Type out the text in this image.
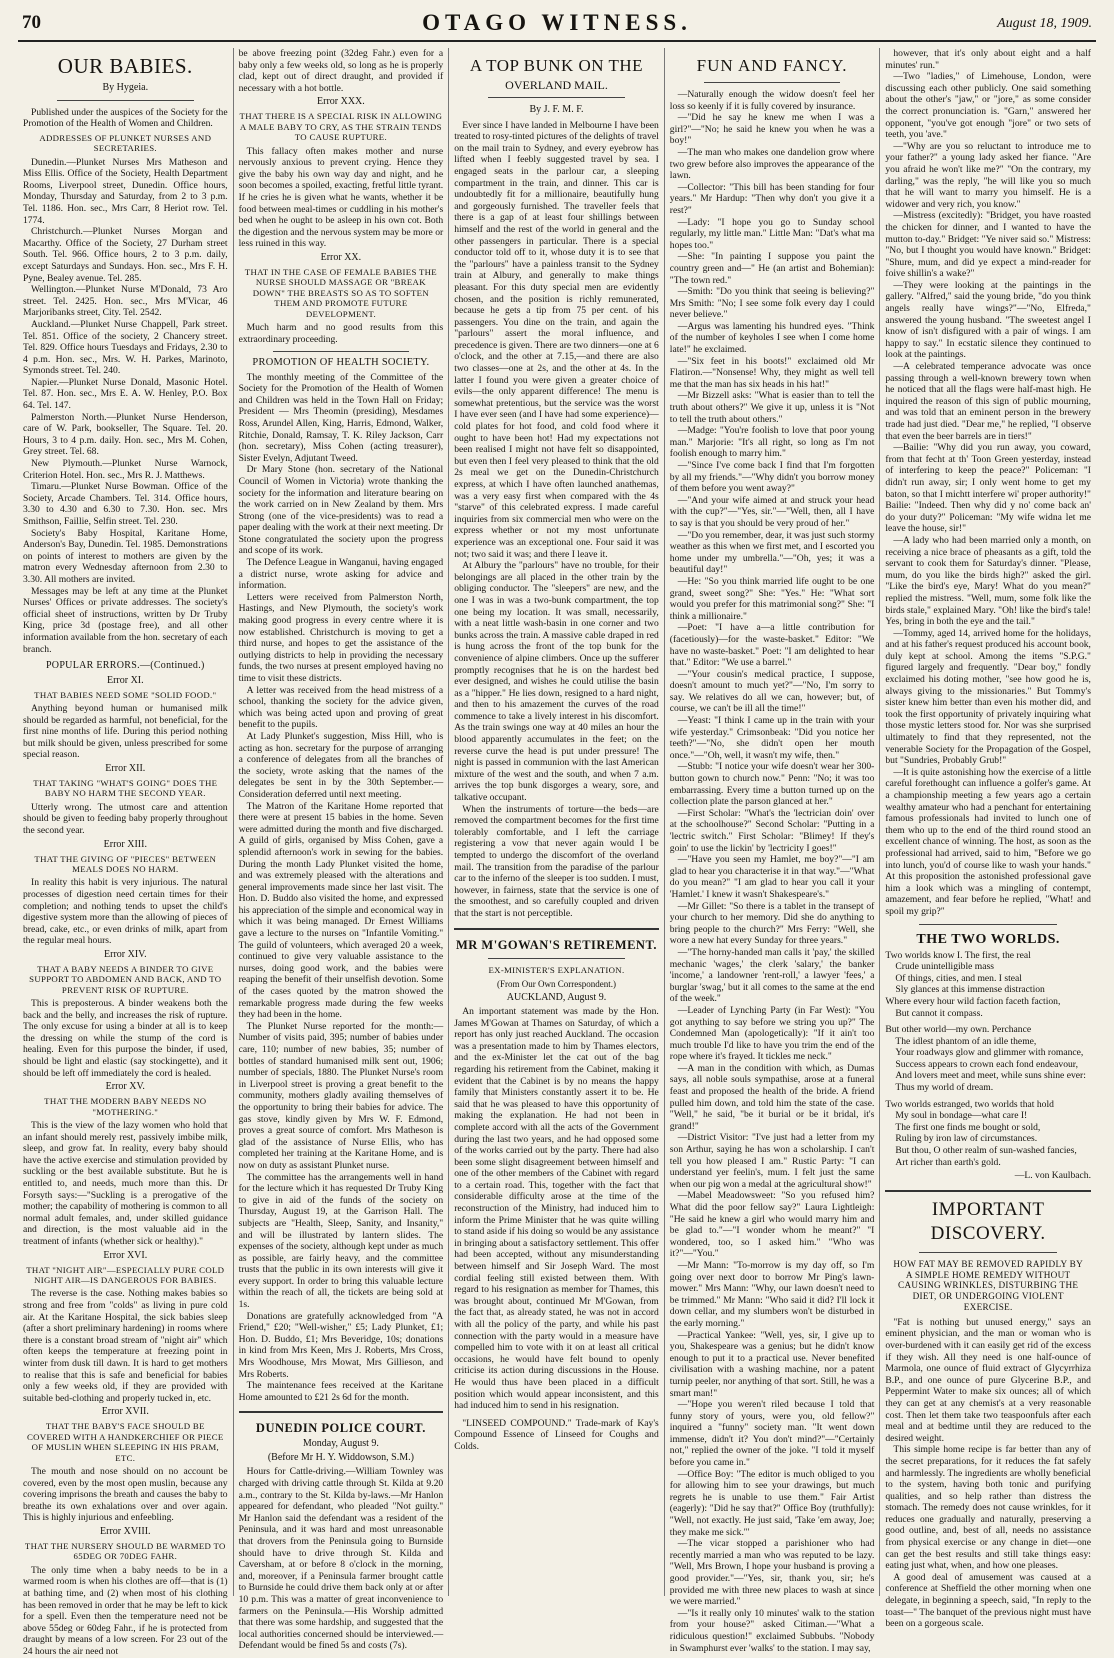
70	OTAGO WITNESS.	August 18, 1909.
OUR BABIES.
By Hygeia.

Published under the auspices of the Society for the Promotion of the Health of Women and Children.

ADDRESSES OF PLUNKET NURSES AND SECRETARIES.

Dunedin.—Plunket Nurses Mrs Matheson and Miss Ellis. Office of the Society, Health Department Rooms, Liverpool street, Dunedin. Office hours, Monday, Thursday and Saturday, from 2 to 3 p.m. Tel. 1186. Hon. sec., Mrs Carr, 8 Heriot row. Tel. 1774.

Christchurch.—Plunket Nurses Morgan and Macarthy. Office of the Society, 27 Durham street South. Tel. 966. Office hours, 2 to 3 p.m. daily, except Saturdays and Sundays. Hon. sec., Mrs F. H. Pyne, Bealey avenue. Tel. 285.

Wellington.—Plunket Nurse M'Donald, 73 Aro street. Tel. 2425. Hon. sec., Mrs M'Vicar, 46 Marjoribanks street, City. Tel. 2542.

Auckland.—Plunket Nurse Chappell, Park street. Tel. 851. Office of the society, 2 Chancery street. Tel. 829. Office hours Tuesdays and Fridays, 2.30 to 4 p.m. Hon. sec., Mrs. W. H. Parkes, Marinoto, Symonds street. Tel. 240.

Napier.—Plunket Nurse Donald, Masonic Hotel. Tel. 87. Hon. sec., Mrs E. A. W. Henley, P.O. Box 64. Tel. 147.

Palmerston North.—Plunket Nurse Henderson, care of W. Park, bookseller, The Square. Tel. 20. Hours, 3 to 4 p.m. daily. Hon. sec., Mrs M. Cohen, Grey street. Tel. 68.

New Plymouth.—Plunket Nurse Warnock, Criterion Hotel. Hon. sec., Mrs R. J. Matthews.

Timaru.—Plunket Nurse Bowman. Office of the Society, Arcade Chambers. Tel. 314. Office hours, 3.30 to 4.30 and 6.30 to 7.30. Hon. sec. Mrs Smithson, Faillie, Selfin street. Tel. 230.

Society's Baby Hospital, Karitane Home, Anderson's Bay, Dunedin. Tel. 1985. Demonstrations on points of interest to mothers are given by the matron every Wednesday afternoon from 2.30 to 3.30. All mothers are invited.

Messages may be left at any time at the Plunket Nurses' Offices or private addresses. The society's official sheet of instructions, written by Dr Truby King, price 3d (postage free), and all other information available from the hon. secretary of each branch.

POPULAR ERRORS.—(Continued.)
Error XI.
THAT BABIES NEED SOME "SOLID FOOD."

Anything beyond human or humanised milk should be regarded as harmful, not beneficial, for the first nine months of life. During this period nothing but milk should be given, unless prescribed for some special reason.

Error XII.
THAT TAKING "WHAT'S GOING" DOES THE BABY NO HARM THE SECOND YEAR.

Utterly wrong. The utmost care and attention should be given to feeding baby properly throughout the second year.

Error XIII.
THAT THE GIVING OF "PIECES" BETWEEN MEALS DOES NO HARM.

In reality this habit is very injurious. The natural processes of digestion need certain times for their completion; and nothing tends to upset the child's digestive system more than the allowing of pieces of bread, cake, etc., or even drinks of milk, apart from the regular meal hours.

Error XIV.
THAT A BABY NEEDS A BINDER TO GIVE SUPPORT TO ABDOMEN AND BACK, AND TO PREVENT RISK OF RUPTURE.

This is preposterous. A binder weakens both the back and the belly, and increases the risk of rupture. The only excuse for using a binder at all is to keep the dressing on while the stump of the cord is healing. Even for this purpose the binder, if used, should be light and elastic (say stockingette), and it should be left off immediately the cord is healed.

Error XV.
THAT THE MODERN BABY NEEDS NO "MOTHERING."

This is the view of the lazy women who hold that an infant should merely rest, passively imbibe milk, sleep, and grow fat. In reality, every baby should have the active exercise and stimulation provided by suckling or the best available substitute. But he is entitled to, and needs, much more than this. Dr Forsyth says:—"Suckling is a prerogative of the mother; the capability of mothering is common to all normal adult females, and, under skilled guidance and direction, is the most valuable aid in the treatment of infants (whether sick or healthy)."

Error XVI.
THAT "NIGHT AIR"—ESPECIALLY PURE COLD NIGHT AIR—IS DANGEROUS FOR BABIES.

The reverse is the case. Nothing makes babies so strong and free from "colds" as living in pure cold air. At the Karitane Hospital, the sick babies sleep (after a short preliminary hardening) in rooms where there is a constant broad stream of "night air" which often keeps the temperature at freezing point in winter from dusk till dawn. It is hard to get mothers to realise that this is safe and beneficial for babies only a few weeks old, if they are provided with suitable bed-clothing and properly tucked in, etc.

Error XVII.
THAT THE BABY'S FACE SHOULD BE COVERED WITH A HANDKERCHIEF OR PIECE OF MUSLIN WHEN SLEEPING IN HIS PRAM, ETC.

The mouth and nose should on no account be covered, even by the most open muslin, because any covering imprisons the breath and causes the baby to breathe its own exhalations over and over again. This is highly injurious and enfeebling.

Error XVIII.
THAT THE NURSERY SHOULD BE WARMED TO 65DEG OR 70DEG FAHR.

The only time when a baby needs to be in a warmed room is when his clothes are off—that is (1) at bathing time, and (2) when most of his clothing has been removed in order that he may be left to kick for a spell. Even then the temperature need not be above 55deg or 60deg Fahr., if he is protected from draught by means of a low screen. For 23 out of the 24 hours the air need not

be above freezing point (32deg Fahr.) even for a baby only a few weeks old, so long as he is properly clad, kept out of direct draught, and provided if necessary with a hot bottle.

Error XXX.
THAT THERE IS A SPECIAL RISK IN ALLOWING A MALE BABY TO CRY, AS THE STRAIN TENDS TO CAUSE RUPTURE.

This fallacy often makes mother and nurse nervously anxious to prevent crying. Hence they give the baby his own way day and night, and he soon becomes a spoiled, exacting, fretful little tyrant. If he cries he is given what he wants, whether it be food between meal-times or cuddling in his mother's bed when he ought to be asleep in his own cot. Both the digestion and the nervous system may be more or less ruined in this way.

Error XX.
THAT IN THE CASE OF FEMALE BABIES THE NURSE SHOULD MASSAGE OR "BREAK DOWN" THE BREASTS SO AS TO SOFTEN THEM AND PROMOTE FUTURE DEVELOPMENT.

Much harm and no good results from this extraordinary proceeding.

PROMOTION OF HEALTH SOCIETY.

The monthly meeting of the Committee of the Society for the Promotion of the Health of Women and Children was held in the Town Hall on Friday; President — Mrs Theomin (presiding), Mesdames Ross, Arundel Allen, King, Harris, Edmond, Walker, Ritchie, Donald, Ramsay, T. K. Riley Jackson, Carr (hon. secretary), Miss Cohen (acting treasurer), Sister Evelyn, Adjutant Tweed.

Dr Mary Stone (hon. secretary of the National Council of Women in Victoria) wrote thanking the society for the information and literature bearing on the work carried on in New Zealand by them. Mrs Strong (one of the vice-presidents) was to read a paper dealing with the work at their next meeting. Dr Stone congratulated the society upon the progress and scope of its work.

The Defence League in Wanganui, having engaged a district nurse, wrote asking for advice and information.

Letters were received from Palmerston North, Hastings, and New Plymouth, the society's work making good progress in every centre where it is now established. Christchurch is moving to get a third nurse, and hopes to get the assistance of the outlying districts to help in providing the necessary funds, the two nurses at present employed having no time to visit these districts.

A letter was received from the head mistress of a school, thanking the society for the advice given, which was being acted upon and proving of great benefit to the pupils.

At Lady Plunket's suggestion, Miss Hill, who is acting as hon. secretary for the purpose of arranging a conference of delegates from all the branches of the society, wrote asking that the names of the delegates be sent in by the 30th September.—Consideration deferred until next meeting.

The Matron of the Karitane Home reported that there were at present 15 babies in the home. Seven were admitted during the month and five discharged. A guild of girls, organised by Miss Cohen, gave a splendid afternoon's work in sewing for the babies. During the month Lady Plunket visited the home, and was extremely pleased with the alterations and general improvements made since her last visit. The Hon. D. Buddo also visited the home, and expressed his appreciation of the simple and economical way in which it was being managed. Dr Ernest Williams gave a lecture to the nurses on "Infantile Vomiting." The guild of volunteers, which averaged 20 a week, continued to give very valuable assistance to the nurses, doing good work, and the babies were reaping the benefit of their unselfish devotion. Some of the cases quoted by the matron showed the remarkable progress made during the few weeks they had been in the home.

The Plunket Nurse reported for the month:—Number of visits paid, 395; number of babies under care, 110; number of new babies, 35; number of bottles of standard humanised milk sent out, 1906; number of specials, 1880. The Plunket Nurse's room in Liverpool street is proving a great benefit to the community, mothers gladly availing themselves of the opportunity to bring their babies for advice. The gas stove, kindly given by Mrs W. F. Edmond, proves a great source of comfort. Mrs Matheson is glad of the assistance of Nurse Ellis, who has completed her training at the Karitane Home, and is now on duty as assistant Plunket nurse.

The committee has the arrangements well in hand for the lecture which it has requested Dr Truby King to give in aid of the funds of the society on Thursday, August 19, at the Garrison Hall. The subjects are "Health, Sleep, Sanity, and Insanity," and will be illustrated by lantern slides. The expenses of the society, although kept under as much as possible, are fairly heavy, and the committee trusts that the public in its own interests will give it every support. In order to bring this valuable lecture within the reach of all, the tickets are being sold at 1s.

Donations are gratefully acknowledged from "A Friend," £20; "Well-wisher," £5; Lady Plunket, £1; Hon. D. Buddo, £1; Mrs Beveridge, 10s; donations in kind from Mrs Keen, Mrs J. Roberts, Mrs Cross, Mrs Woodhouse, Mrs Mowat, Mrs Gillieson, and Mrs Roberts.

The maintenance fees received at the Karitane Home amounted to £21 2s 6d for the month.

DUNEDIN POLICE COURT.
Monday, August 9.
(Before Mr H. Y. Widdowson, S.M.)

Hours for Cattle-driving.—William Townley was charged with driving cattle through St. Kilda at 9.20 a.m., contrary to the St. Kilda by-laws.—Mr Hanlon appeared for defendant, who pleaded "Not guilty." Mr Hanlon said the defendant was a resident of the Peninsula, and it was hard and most unreasonable that drovers from the Peninsula going to Burnside should have to drive through St. Kilda and Caversham, at or before 8 o'clock in the morning, and, moreover, if a Peninsula farmer brought cattle to Burnside he could drive them back only at or after 10 p.m. This was a matter of great inconvenience to farmers on the Peninsula.—His Worship admitted that there was some hardship, and suggested that the local authorities concerned should be interviewed.—Defendant would be fined 5s and costs (7s).

A TOP BUNK ON THE
OVERLAND MAIL.
By J. F. M. F.

Ever since I have landed in Melbourne I have been treated to rosy-tinted pictures of the delights of travel on the mail train to Sydney, and every eyebrow has lifted when I feebly suggested travel by sea. I engaged seats in the parlour car, a sleeping compartment in the train, and dinner. This car is undoubtedly fit for a millionaire, beautifully hung and gorgeously furnished. The traveller feels that there is a gap of at least four shillings between himself and the rest of the world in general and the other passengers in particular. There is a special conductor told off to it, whose duty it is to see that the "parlours" have a painless transit to the Sydney train at Albury, and generally to make things pleasant. For this duty special men are evidently chosen, and the position is richly remunerated, because he gets a tip from 75 per cent. of his passengers. You dine on the train, and again the "parlours" assert the moral influence, and precedence is given. There are two dinners—one at 6 o'clock, and the other at 7.15,—and there are also two classes—one at 2s, and the other at 4s. In the latter I found you were given a greater choice of evils—the only apparent difference! The menu is somewhat pretentious, but the service was the worst I have ever seen (and I have had some experience)—cold plates for hot food, and cold food where it ought to have been hot! Had my expectations not been realised I might not have felt so disappointed, but even then I feel very pleased to think that the old 2s meal we get on the Dunedin-Christchurch express, at which I have often launched anathemas, was a very easy first when compared with the 4s "starve" of this celebrated express. I made careful inquiries from six commercial men who were on the express whether or not my most unfortunate experience was an exceptional one. Four said it was not; two said it was; and there I leave it.

At Albury the "parlours" have no trouble, for their belongings are all placed in the other train by the obliging conductor. The "sleepers" are new, and the one I was in was a two-bunk compartment, the top one being my location. It was small, necessarily, with a neat little wash-basin in one corner and two bunks across the train. A massive cable draped in red is hung across the front of the top bunk for the convenience of alpine climbers. Once up the sufferer promptly recognises that he is on the hardest bed ever designed, and wishes he could utilise the basin as a "hipper." He lies down, resigned to a hard night, and then to his amazement the curves of the road commence to take a lively interest in his discomfort. As the train swings one way at 40 miles an hour the blood apparently accumulates in the feet; on the reverse curve the head is put under pressure! The night is passed in communion with the last American mixture of the west and the south, and when 7 a.m. arrives the top bunk disgorges a weary, sore, and talkative occupant.

When the instruments of torture—the beds—are removed the compartment becomes for the first time tolerably comfortable, and I left the carriage registering a vow that never again would I be tempted to undergo the discomfort of the overland mail. The transition from the paradise of the parlour car to the inferno of the sleeper is too sudden. I must, however, in fairness, state that the service is one of the smoothest, and so carefully coupled and driven that the start is not perceptible.

MR M'GOWAN'S RETIREMENT.
EX-MINISTER'S EXPLANATION.
(From Our Own Correspondent.)
AUCKLAND, August 9.

An important statement was made by the Hon. James M'Gowan at Thames on Saturday, of which a report has only just reached Auckland. The occasion was a presentation made to him by Thames electors, and the ex-Minister let the cat out of the bag regarding his retirement from the Cabinet, making it evident that the Cabinet is by no means the happy family that Ministers constantly assert it to be. He said that he was pleased to have this opportunity of making the explanation. He had not been in complete accord with all the acts of the Government during the last two years, and he had opposed some of the works carried out by the party. There had also been some slight disagreement between himself and one of the other members of the Cabinet with regard to a certain road. This, together with the fact that considerable difficulty arose at the time of the reconstruction of the Ministry, had induced him to inform the Prime Minister that he was quite willing to stand aside if his doing so would be any assistance in bringing about a satisfactory settlement. This offer had been accepted, without any misunderstanding between himself and Sir Joseph Ward. The most cordial feeling still existed between them. With regard to his resignation as member for Thames, this was brought about, continued Mr M'Gowan, from the fact that, as already stated, he was not in accord with all the policy of the party, and while his past connection with the party would in a measure have compelled him to vote with it on at least all critical occasions, he would have felt bound to openly criticise its action during discussions in the House. He would thus have been placed in a difficult position which would appear inconsistent, and this had induced him to send in his resignation.

"LINSEED COMPOUND." Trade-mark of Kay's Compound Essence of Linseed for Coughs and Colds.

FUN AND FANCY.

—Naturally enough the widow doesn't feel her loss so keenly if it is fully covered by insurance.

—"Did he say he knew me when I was a girl?"—"No; he said he knew you when he was a boy!"

—The man who makes one dandelion grow where two grew before also improves the appearance of the lawn.

—Collector: "This bill has been standing for four years." Mr Hardup: "Then why don't you give it a rest?"

—Lady: "I hope you go to Sunday school regularly, my little man." Little Man: "Dat's what ma hopes too."

—She: "In painting I suppose you paint the country green and—" He (an artist and Bohemian): "The town red."

—Smith: "Do you think that seeing is believing?" Mrs Smith: "No; I see some folk every day I could never believe."

—Argus was lamenting his hundred eyes. "Think of the number of keyholes I see when I come home late!" he exclaimed.

—"Six feet in his boots!" exclaimed old Mr Flatiron.—"Nonsense! Why, they might as well tell me that the man has six heads in his hat!"

—Mr Bizzell asks: "What is easier than to tell the truth about others?" We give it up, unless it is "Not to tell the truth about others."

—Madge: "You're foolish to love that poor young man." Marjorie: "It's all right, so long as I'm not foolish enough to marry him."

—"Since I've come back I find that I'm forgotten by all my friends."—"Why didn't you borrow money of them before you went away?"

—"And your wife aimed at and struck your head with the cup?"—"Yes, sir."—"Well, then, all I have to say is that you should be very proud of her."

—"Do you remember, dear, it was just such stormy weather as this when we first met, and I escorted you home under my umbrella."—"Oh, yes; it was a beautiful day!"

—He: "So you think married life ought to be one grand, sweet song?" She: "Yes." He: "What sort would you prefer for this matrimonial song?" She: "I think a millionaire."

—Poet: "I have a—a little contribution for (facetiously)—for the waste-basket." Editor: "We have no waste-basket." Poet: "I am delighted to hear that." Editor: "We use a barrel."

—"Your cousin's medical practice, I suppose, doesn't amount to much yet?"—"No, I'm sorry to say. We relatives do all we can, however; but, of course, we can't be ill all the time!"

—Yeast: "I think I came up in the train with your wife yesterday." Crimsonbeak: "Did you notice her teeth?"—"No, she didn't open her mouth once."—"Oh, well, it wasn't my wife, then."

—Stubb: "I notice your wife doesn't wear her 300-button gown to church now." Penn: "No; it was too embarrassing. Every time a button turned up on the collection plate the parson glanced at her."

—First Scholar: "What's the 'lectrician doin' over at the schoolhouse?" Second Scholar: "Putting in a 'lectric switch." First Scholar: "Blimey! If they's goin' to use the lickin' by 'lectricity I goes!"

—"Have you seen my Hamlet, me boy?"—"I am glad to hear you characterise it in that way."—"What do you mean?" "I am glad to hear you call it your 'Hamlet.' I knew it wasn't Shakespeare's."

—Mr Gillet: "So there is a tablet in the transept of your church to her memory. Did she do anything to bring people to the church?" Mrs Ferry: "Well, she wore a new hat every Sunday for three years."

—"The horny-handed man calls it 'pay,' the skilled mechanic 'wages,' the clerk 'salary,' the banker 'income,' a landowner 'rent-roll,' a lawyer 'fees,' a burglar 'swag,' but it all comes to the same at the end of the week."

—Leader of Lynching Party (in Far West): "You got anything to say before we string you up?" The Condemned Man (apologetically): "If it ain't too much trouble I'd like to have you trim the end of the rope where it's frayed. It tickles me neck."

—A man in the condition with which, as Dumas says, all noble souls sympathise, arose at a funeral feast and proposed the health of the bride. A friend pulled him down, and told him the state of the case. "Well," he said, "be it burial or be it bridal, it's grand!"

—District Visitor: "I've just had a letter from my son Arthur, saying he has won a scholarship. I can't tell you how pleased I am." Rustic Party: "I can understand yer feelin's, mum. I felt just the same when our pig won a medal at the agricultural show!"

—Mabel Meadowsweet: "So you refused him? What did the poor fellow say?" Laura Lightleigh: "He said he knew a girl who would marry him and be glad to."—"I wonder whom he meant?" "I wondered, too, so I asked him." "Who was it?"—"You."

—Mr Mann: "To-morrow is my day off, so I'm going over next door to borrow Mr Ping's lawn-mower." Mrs Mann: "Why, our lawn doesn't need to be trimmed." Mr Mann: "Who said it did? I'll lock it down cellar, and my slumbers won't be disturbed in the early morning."

—Practical Yankee: "Well, yes, sir, I give up to you, Shakespeare was a genius; but he didn't know enough to put it to a practical use. Never benefited civilisation with a washing machine, nor a patent turnip peeler, nor anything of that sort. Still, he was a smart man!"

—"Hope you weren't riled because I told that funny story of yours, were you, old fellow?" inquired a "funny" society man. "It went down immense, didn't it? You don't mind?"—"Certainly not," replied the owner of the joke. "I told it myself before you came in."

—Office Boy: "The editor is much obliged to you for allowing him to see your drawings, but much regrets he is unable to use them." Fair Artist (eagerly): "Did he say that?" Office Boy (truthfully): "Well, not exactly. He just said, 'Take 'em away, Joe; they make me sick.'"

—The vicar stopped a parishioner who had recently married a man who was reputed to be lazy. "Well, Mrs Brown, I hope your husband is proving a good provider."—"Yes, sir, thank you, sir; he's provided me with three new places to wash at since we were married."

—"Is it really only 10 minutes' walk to the station from your house?" asked Citiman.—"What a ridiculous question!" exclaimed Subbubs. "Nobody in Swamphurst ever 'walks' to the station. I may say,

however, that it's only about eight and a half minutes' run."

—Two "ladies," of Limehouse, London, were discussing each other publicly. One said something about the other's "jaw," or "jore," as some consider the correct pronunciation is. "Garn," answered her opponent, "you've got enough "jore" or two sets of teeth, you 'ave."

—"Why are you so reluctant to introduce me to your father?" a young lady asked her fiance. "Are you afraid he won't like me?" "On the contrary, my darling," was the reply, "he will like you so much that he will want to marry you himself. He is a widower and very rich, you know."

—Mistress (excitedly): "Bridget, you have roasted the chicken for dinner, and I wanted to have the mutton to-day." Bridget: "Ye niver said so." Mistress: "No, but I thought you would have known." Bridget: "Shure, mum, and did ye expect a mind-reader for foive shillin's a wake?"

—They were looking at the paintings in the gallery. "Alfred," said the young bride, "do you think angels really have wings?"—"No, Elfreda," answered the young husband. "The sweetest angel I know of isn't disfigured with a pair of wings. I am happy to say." In ecstatic silence they continued to look at the paintings.

—A celebrated temperance advocate was once passing through a well-known brewery town when he noticed that all the flags were half-mast high. He inquired the reason of this sign of public mourning, and was told that an eminent person in the brewery trade had just died. "Dear me," he replied, "I observe that even the beer barrels are in tiers!"

—Bailie: "Why did you run away, you coward, from that fecht at th' Toon Green yesterday, instead of interfering to keep the peace?" Policeman: "I didn't run away, sir; I only went home to get my baton, so that I michtt interfere wi' proper authority!" Bailie: "Indeed. Then why did y no' come back an' do your duty?" Policeman: "My wife widna let me leave the house, sir!"

—A lady who had been married only a month, on receiving a nice brace of pheasants as a gift, told the servant to cook them for Saturday's dinner. "Please, mum, do you like the birds high?" asked the girl. "Like the bird's eye, Mary! What do you mean?" replied the mistress. "Well, mum, some folk like the birds stale," explained Mary. "Oh! like the bird's tale! Yes, bring in both the eye and the tail."

—Tommy, aged 14, arrived home for the holidays, and at his father's request produced his account book, duly kept at school. Among the items "S.P.G." figured largely and frequently. "Dear boy," fondly exclaimed his doting mother, "see how good he is, always giving to the missionaries." But Tommy's sister knew him better than even his mother did, and took the first opportunity of privately inquiring what those mystic letters stood for. Nor was she surprised ultimately to find that they represented, not the venerable Society for the Propagation of the Gospel, but "Sundries, Probably Grub!"

—It is quite astonishing how the exercise of a little careful forethought can influence a golfer's game. At a championship meeting a few years ago a certain wealthy amateur who had a penchant for entertaining famous professionals had invited to lunch one of them who up to the end of the third round stood an excellent chance of winning. The host, as soon as the professional had arrived, said to him, "Before we go into lunch, you'd of course like to wash your hands." At this proposition the astonished professional gave him a look which was a mingling of contempt, amazement, and fear before he replied, "What! and spoil my grip?"

THE TWO WORLDS.

Two worlds know I. The first, the real

Crude unintelligible mass

Of things, cities, and men. I steal

Sly glances at this immense distraction

Where every hour wild faction faceth faction,

But cannot it compass.

But other world—my own. Perchance

The idlest phantom of an idle theme,

Your roadways glow and glimmer with romance,

Success appears to crown each fond endeavour,

And lovers meet and meet, while suns shine ever:

Thus my world of dream.

Two worlds estranged, two worlds that hold

My soul in bondage—what care I!

The first one finds me bought or sold,

Ruling by iron law of circumstances.

But thou, O other realm of sun-washed fancies,

Art richer than earth's gold.

—L. von Kaulbach.
IMPORTANT DISCOVERY.
HOW FAT MAY BE REMOVED RAPIDLY BY A SIMPLE HOME REMEDY WITHOUT CAUSING WRINKLES, DISTURBING THE DIET, OR UNDERGOING VIOLENT EXERCISE.

"Fat is nothing but unused energy," says an eminent physician, and the man or woman who is over-burdened with it can easily get rid of the excess if they wish. All they need is one half-ounce of Marmola, one ounce of fluid extract of Glycyrrhiza B.P., and one ounce of pure Glycerine B.P., and Peppermint Water to make six ounces; all of which they can get at any chemist's at a very reasonable cost. Then let them take two teaspoonfuls after each meal and at bedtime until they are reduced to the desired weight.

This simple home recipe is far better than any of the secret preparations, for it reduces the fat safely and harmlessly. The ingredients are wholly beneficial to the system, having both tonic and purifying qualities, and so help rather than distress the stomach. The remedy does not cause wrinkles, for it reduces one gradually and naturally, preserving a good outline, and, best of all, needs no assistance from physical exercise or any change in diet—one can get the best results and still take things easy: eating just what, when, and how one pleases.

A good deal of amusement was caused at a conference at Sheffield the other morning when one delegate, in beginning a speech, said, "In reply to the toast—" The banquet of the previous night must have been on a gorgeous scale.
